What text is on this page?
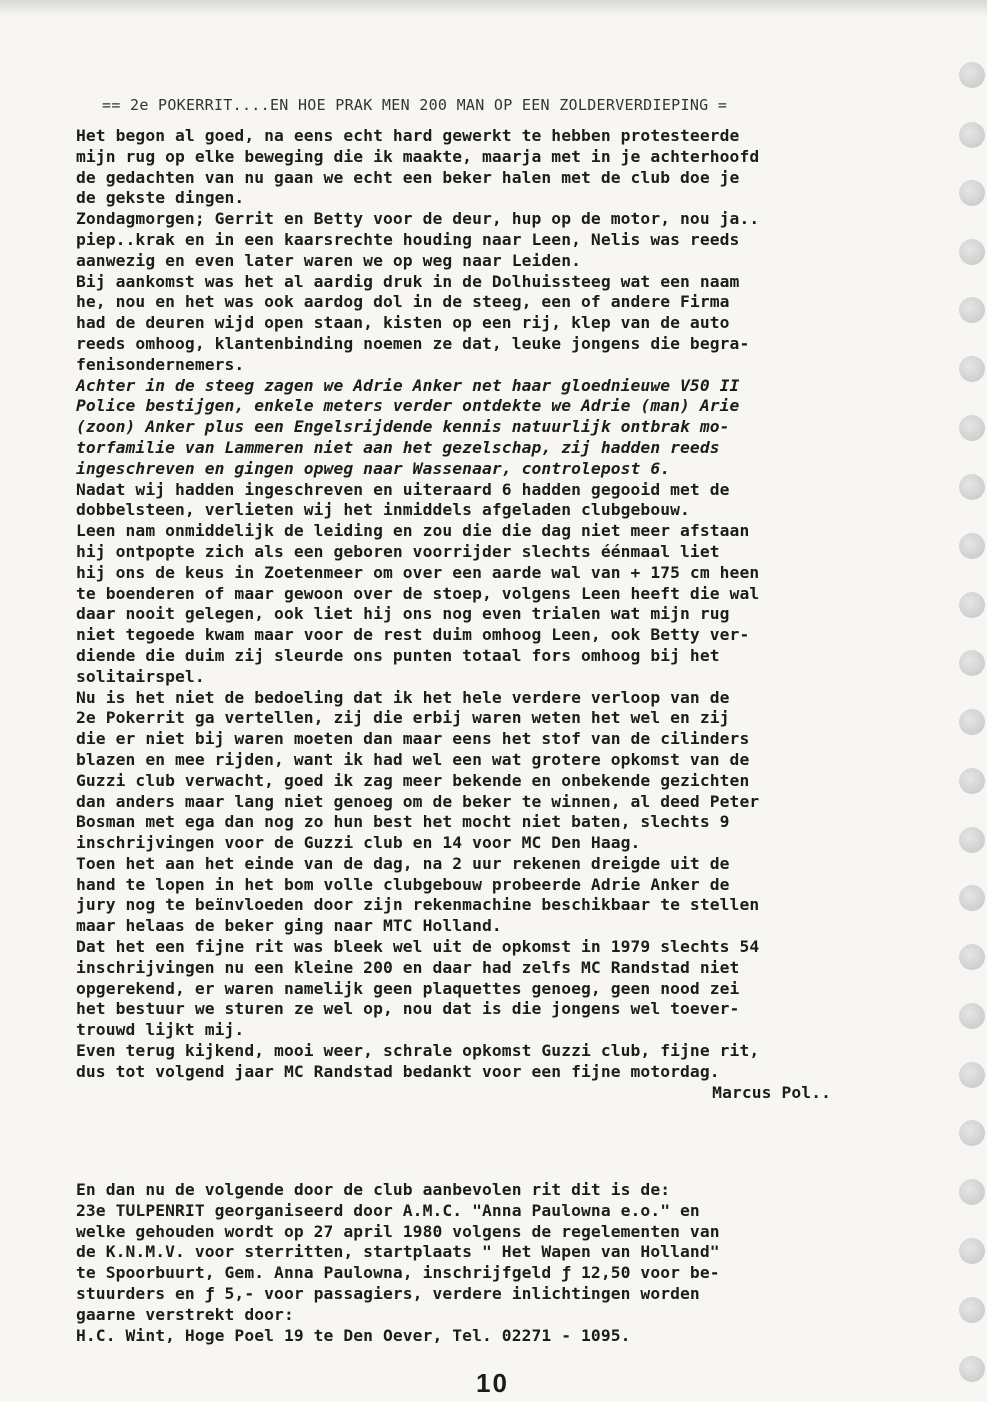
== 2e POKERRIT....EN HOE PRAK MEN 200 MAN OP EEN ZOLDERVERDIEPING =

Het begon al goed, na eens echt hard gewerkt te hebben protesteerde
mijn rug op elke beweging die ik maakte, maarja met in je achterhoofd
de gedachten van nu gaan we echt een beker halen met de club doe je
de gekste dingen.

Zondagmorgen; Gerrit en Betty voor de deur, hup op de motor, nou ja..
piep..krak en in een kaarsrechte houding naar Leen, Nelis was reeds
aanwezig en even later waren we op weg naar Leiden.

Bij aankomst was het al aardig druk in de Dolhuissteeg wat een naam
he, nou en het was ook aardog dol in de steeg, een of andere Firma
had de deuren wijd open staan, kisten op een rij, klep van de auto
reeds omhoog, klantenbinding noemen ze dat, leuke jongens die begra-
fenisondernemers.

Achter in de steeg zagen we Adrie Anker net haar gloednieuwe V50 II
Police bestijgen, enkele meters verder ontdekte we Adrie (man) Arie
(zoon) Anker plus een Engelsrijdende kennis natuurlijk ontbrak mo-
torfamilie van Lammeren niet aan het gezelschap, zij hadden reeds
ingeschreven en gingen opweg naar Wassenaar, controlepost 6.

Nadat wij hadden ingeschreven en uiteraard 6 hadden gegooid met de
dobbelsteen, verlieten wij het inmiddels afgeladen clubgebouw.

Leen nam onmiddelijk de leiding en zou die die dag niet meer afstaan
hij ontpopte zich als een geboren voorrijder slechts éénmaal liet
hij ons de keus in Zoetenmeer om over een aarde wal van + 175 cm heen
te boenderen of maar gewoon over de stoep, volgens Leen heeft die wal
daar nooit gelegen, ook liet hij ons nog even trialen wat mijn rug
niet tegoede kwam maar voor de rest duim omhoog Leen, ook Betty ver-
diende die duim zij sleurde ons punten totaal fors omhoog bij het
solitairspel.

Nu is het niet de bedoeling dat ik het hele verdere verloop van de
2e Pokerrit ga vertellen, zij die erbij waren weten het wel en zij
die er niet bij waren moeten dan maar eens het stof van de cilinders
blazen en mee rijden, want ik had wel een wat grotere opkomst van de
Guzzi club verwacht, goed ik zag meer bekende en onbekende gezichten
dan anders maar lang niet genoeg om de beker te winnen, al deed Peter
Bosman met ega dan nog zo hun best het mocht niet baten, slechts 9
inschrijvingen voor de Guzzi club en 14 voor MC Den Haag.

Toen het aan het einde van de dag, na 2 uur rekenen dreigde uit de
hand te lopen in het bom volle clubgebouw probeerde Adrie Anker de
jury nog te beïnvloeden door zijn rekenmachine beschikbaar te stellen
maar helaas de beker ging naar MTC Holland.

Dat het een fijne rit was bleek wel uit de opkomst in 1979 slechts 54
inschrijvingen nu een kleine 200 en daar had zelfs MC Randstad niet
opgerekend, er waren namelijk geen plaquettes genoeg, geen nood zei
het bestuur we sturen ze wel op, nou dat is die jongens wel toever-
trouwd lijkt mij.

Even terug kijkend, mooi weer, schrale opkomst Guzzi club, fijne rit,
dus tot volgend jaar MC Randstad bedankt voor een fijne motordag.

Marcus Pol..

En dan nu de volgende door de club aanbevolen rit dit is de:
23e TULPENRIT georganiseerd door A.M.C. "Anna Paulowna e.o." en
welke gehouden wordt op 27 april 1980 volgens de regelementen van
de K.N.M.V. voor sterritten, startplaats " Het Wapen van Holland"
te Spoorbuurt, Gem. Anna Paulowna, inschrijfgeld ƒ 12,50 voor be-
stuurders en ƒ 5,- voor passagiers, verdere inlichtingen worden
gaarne verstrekt door:
H.C. Wint, Hoge Poel 19 te Den Oever, Tel. 02271 - 1095.

10
